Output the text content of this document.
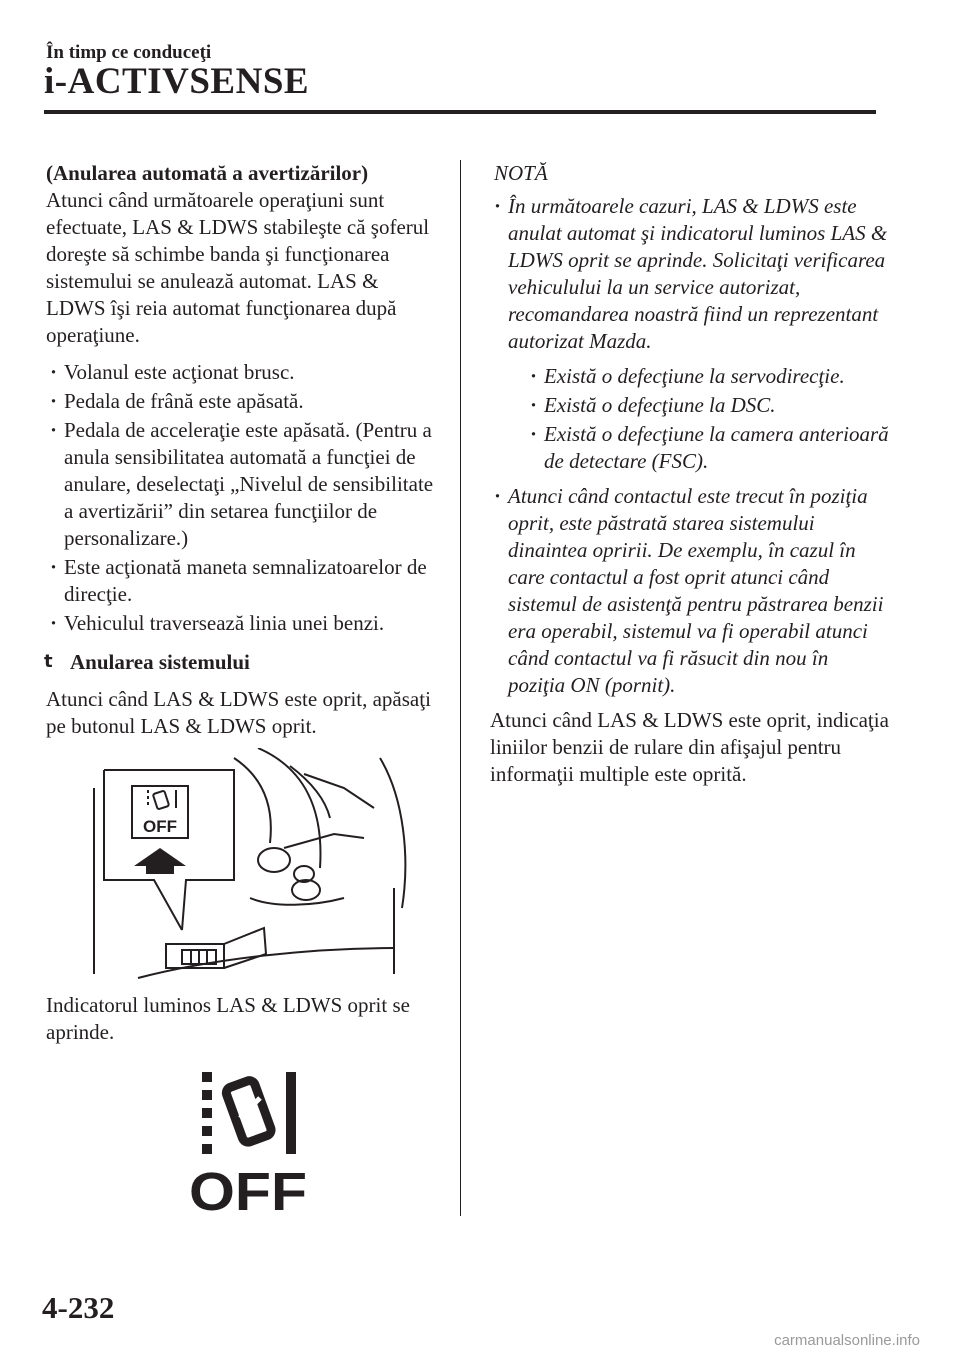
În timp ce conduceţi
i-ACTIVSENSE

(Anularea automată a avertizărilor)

Atunci când următoarele operaţiuni sunt efectuate, LAS & LDWS stabileşte că şoferul doreşte să schimbe banda şi funcţionarea sistemului se anulează automat. LAS & LDWS îşi reia automat funcţionarea după operaţiune.

· Volanul este acţionat brusc.
· Pedala de frână este apăsată.
· Pedala de acceleraţie este apăsată. (Pentru a anula sensibilitatea automată a funcţiei de anulare, deselectaţi „Nivelul de sensibilitate a avertizării” din setarea funcţiilor de personalizare.)
· Este acţionată maneta semnalizatoarelor de direcţie.
· Vehiculul traversează linia unei benzi.
t Anularea sistemului

Atunci când LAS & LDWS este oprit, apăsaţi pe butonul LAS & LDWS oprit.

OFF

Indicatorul luminos LAS & LDWS oprit se aprinde.

OFF

NOTĂ

· În următoarele cazuri, LAS & LDWS este anulat automat şi indicatorul luminos LAS & LDWS oprit se aprinde. Solicitaţi verificarea vehiculului la un service autorizat, recomandarea noastră fiind un reprezentant autorizat Mazda.
· Există o defecţiune la servodirecţie.
· Există o defecţiune la DSC.
· Există o defecţiune la camera anterioară de detectare (FSC).
· Atunci când contactul este trecut în poziţia oprit, este păstrată starea sistemului dinaintea opririi. De exemplu, în cazul în care contactul a fost oprit atunci când sistemul de asistenţă pentru păstrarea benzii era operabil, sistemul va fi operabil atunci când contactul va fi răsucit din nou în poziţia ON (pornit).

Atunci când LAS & LDWS este oprit, indicaţia liniilor benzii de rulare din afişajul pentru informaţii multiple este oprită.

4-232
carmanualsonline.info
